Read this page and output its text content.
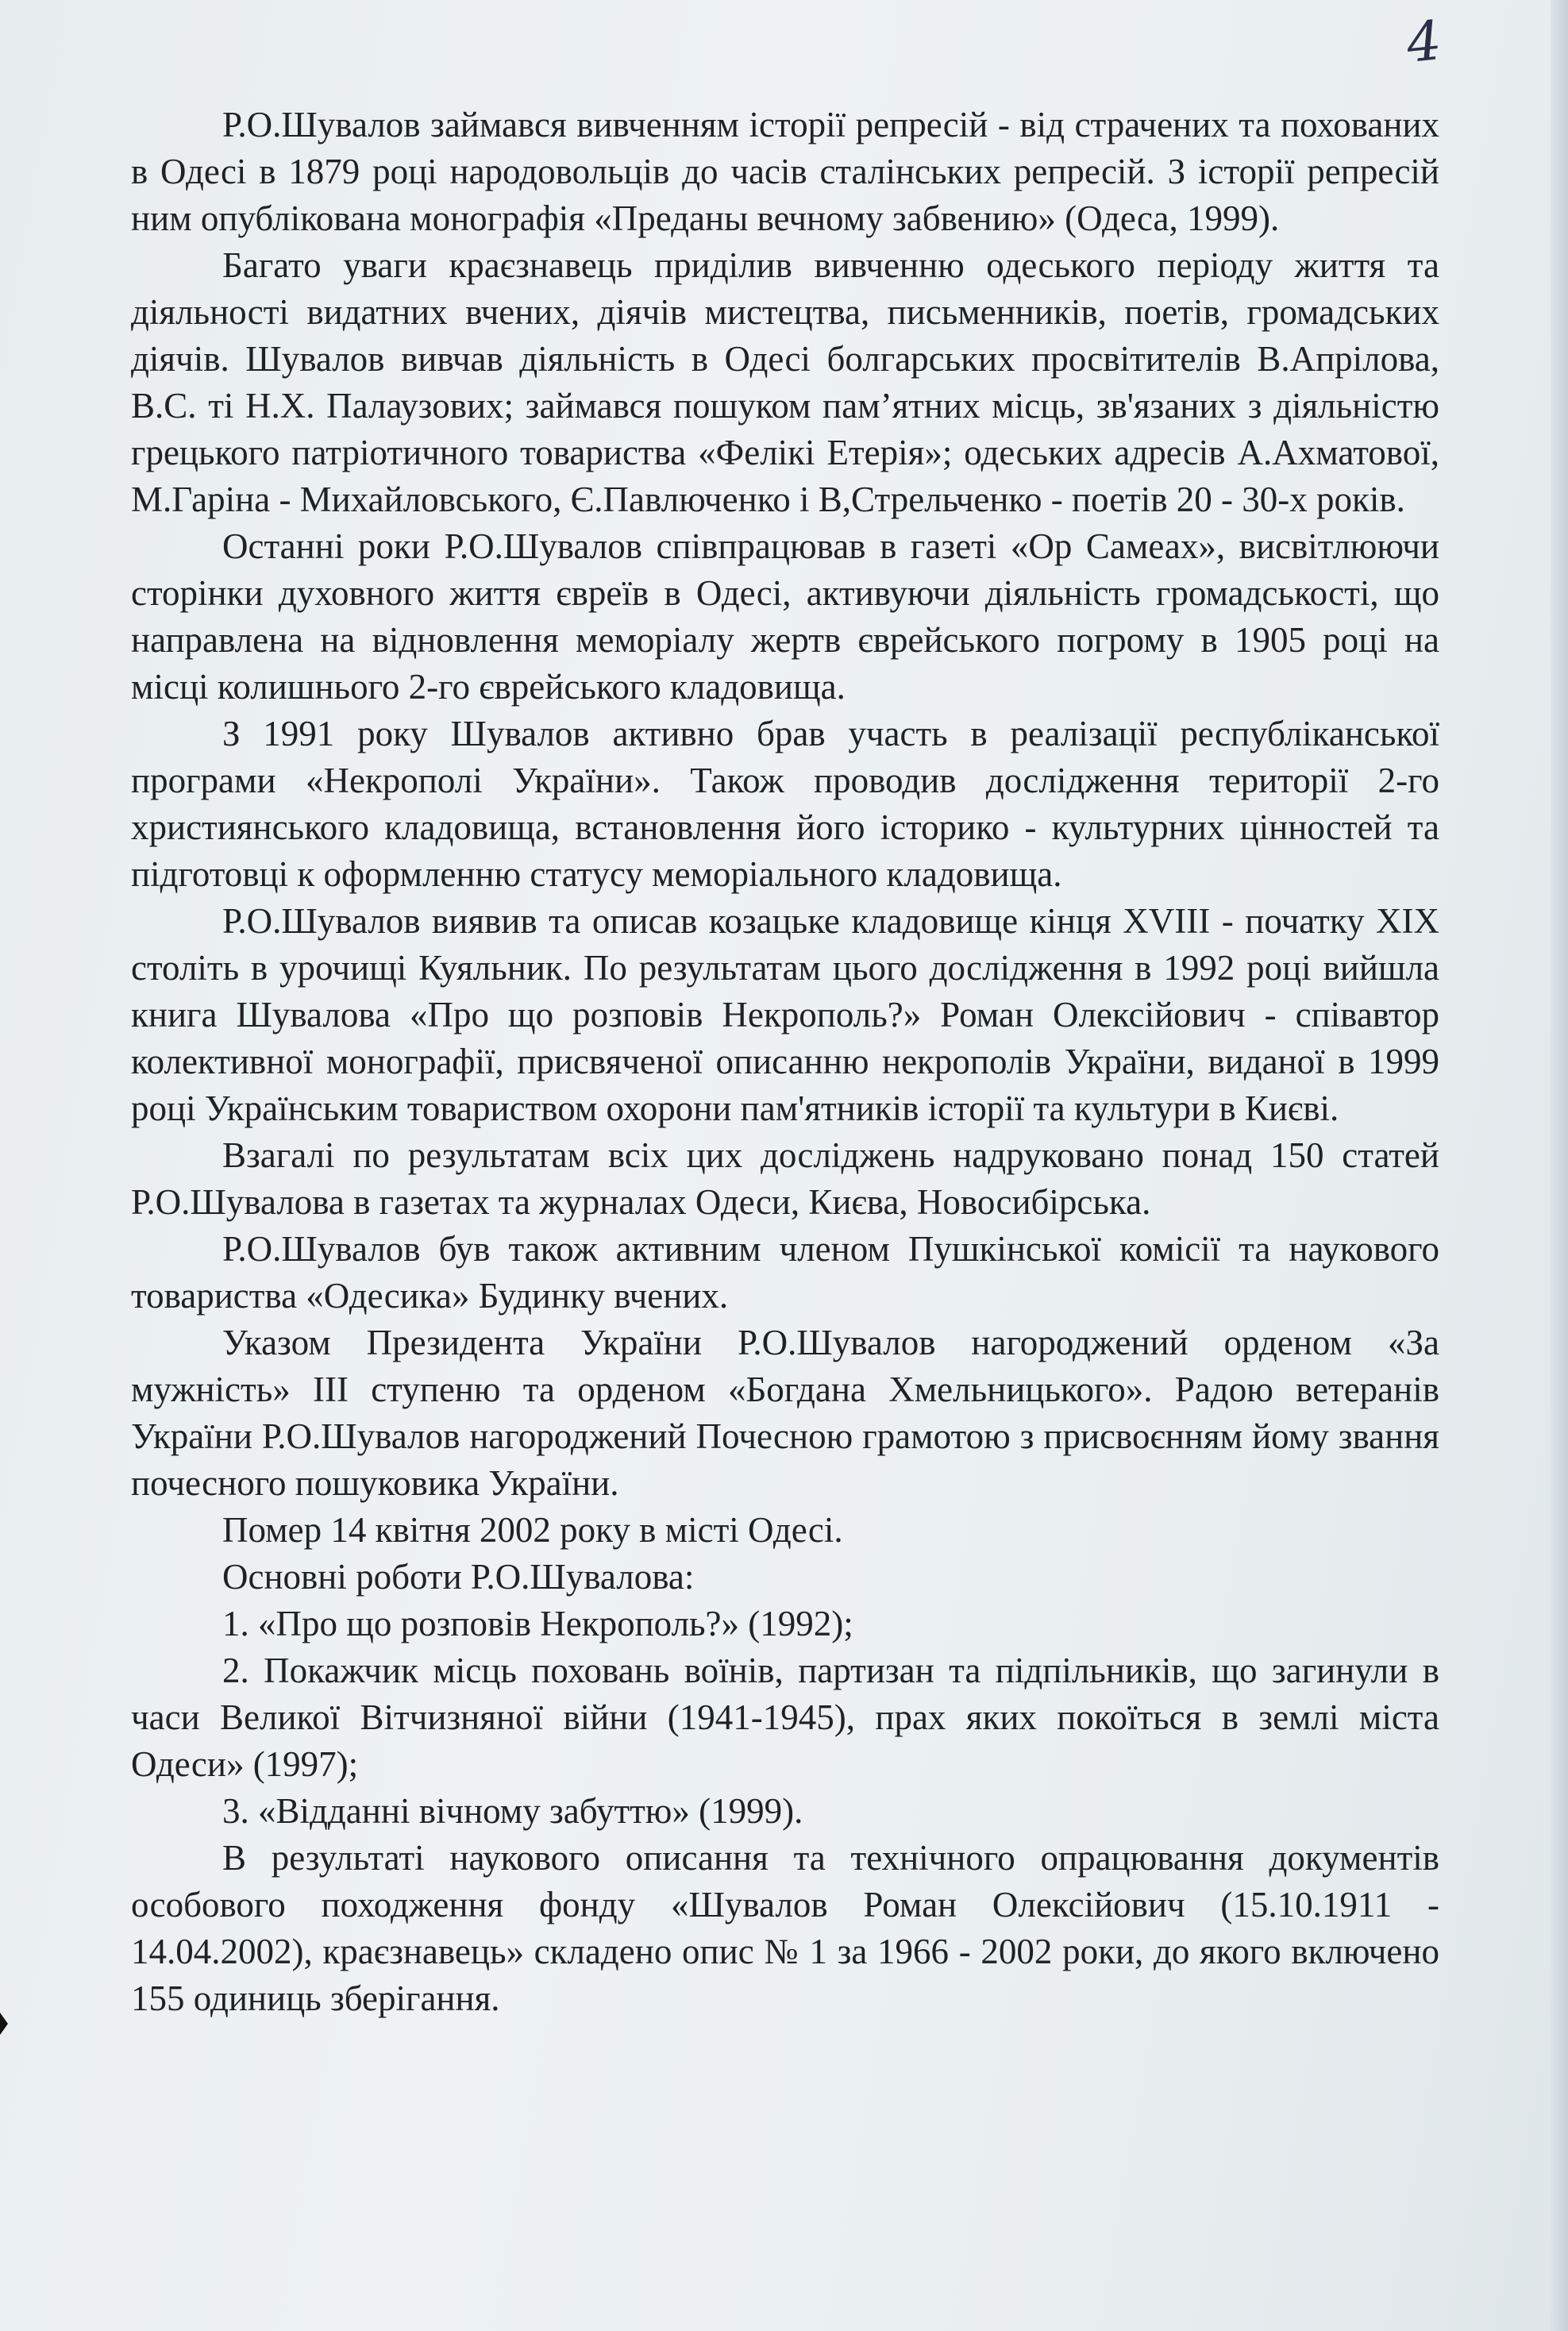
4

Р.О.Шувалов займався вивченням історії репресій - від страчених та похованих в Одесі в 1879 році народовольців до часів сталінських репресій. З історії репресій ним опублікована монографія «Преданы вечному забвению» (Одеса, 1999).

Багато уваги краєзнавець приділив вивченню одеського періоду життя та діяльності видатних вчених, діячів мистецтва, письменників, поетів, громадських діячів. Шувалов вивчав діяльність в Одесі болгарських просвітителів В.Апрілова, В.С. ті Н.Х. Палаузових; займався пошуком пам’ятних місць, зв'язаних з діяльністю грецького патріотичного товариства «Фелікі Етерія»; одеських адресів А.Ахматової, М.Гаріна - Михайловського, Є.Павлюченко і В,Стрельченко - поетів 20 - 30-х років.

Останні роки Р.О.Шувалов співпрацював в газеті «Ор Самеах», висвітлюючи сторінки духовного життя євреїв в Одесі, активуючи діяльність громадськості, що направлена на відновлення меморіалу жертв єврейського погрому в 1905 році на місці колишнього 2-го єврейського кладовища.

З 1991 року Шувалов активно брав участь в реалізації республіканської програми «Некрополі України». Також проводив дослідження території 2-го християнського кладовища, встановлення його історико - культурних цінностей та підготовці к оформленню статусу меморіального кладовища.

Р.О.Шувалов виявив та описав козацьке кладовище кінця XVIII - початку XIX століть в урочищі Куяльник. По результатам цього дослідження в 1992 році вийшла книга Шувалова «Про що розповів Некрополь?» Роман Олексійович - співавтор колективної монографії, присвяченої описанню некрополів України, виданої в 1999 році Українським товариством охорони пам'ятників історії та культури в Києві.

Взагалі по результатам всіх цих досліджень надруковано понад 150 статей Р.О.Шувалова в газетах та журналах Одеси, Києва, Новосибірська.

Р.О.Шувалов був також активним членом Пушкінської комісії та наукового товариства «Одесика» Будинку вчених.

Указом Президента України Р.О.Шувалов нагороджений орденом «За мужність» III ступеню та орденом «Богдана Хмельницького». Радою ветеранів України Р.О.Шувалов нагороджений Почесною грамотою з присвоєнням йому звання почесного пошуковика України.

Помер 14 квітня 2002 року в місті Одесі.

Основні роботи Р.О.Шувалова:

1. «Про що розповів Некрополь?» (1992);

2. Покажчик місць поховань воїнів, партизан та підпільників, що загинули в часи Великої Вітчизняної війни (1941-1945), прах яких покоїться в землі міста Одеси» (1997);

3. «Відданні вічному забуттю» (1999).

В результаті наукового описання та технічного опрацювання документів особового походження фонду «Шувалов Роман Олексійович (15.10.1911 - 14.04.2002), краєзнавець» складено опис № 1 за 1966 - 2002 роки, до якого включено 155 одиниць зберігання.
